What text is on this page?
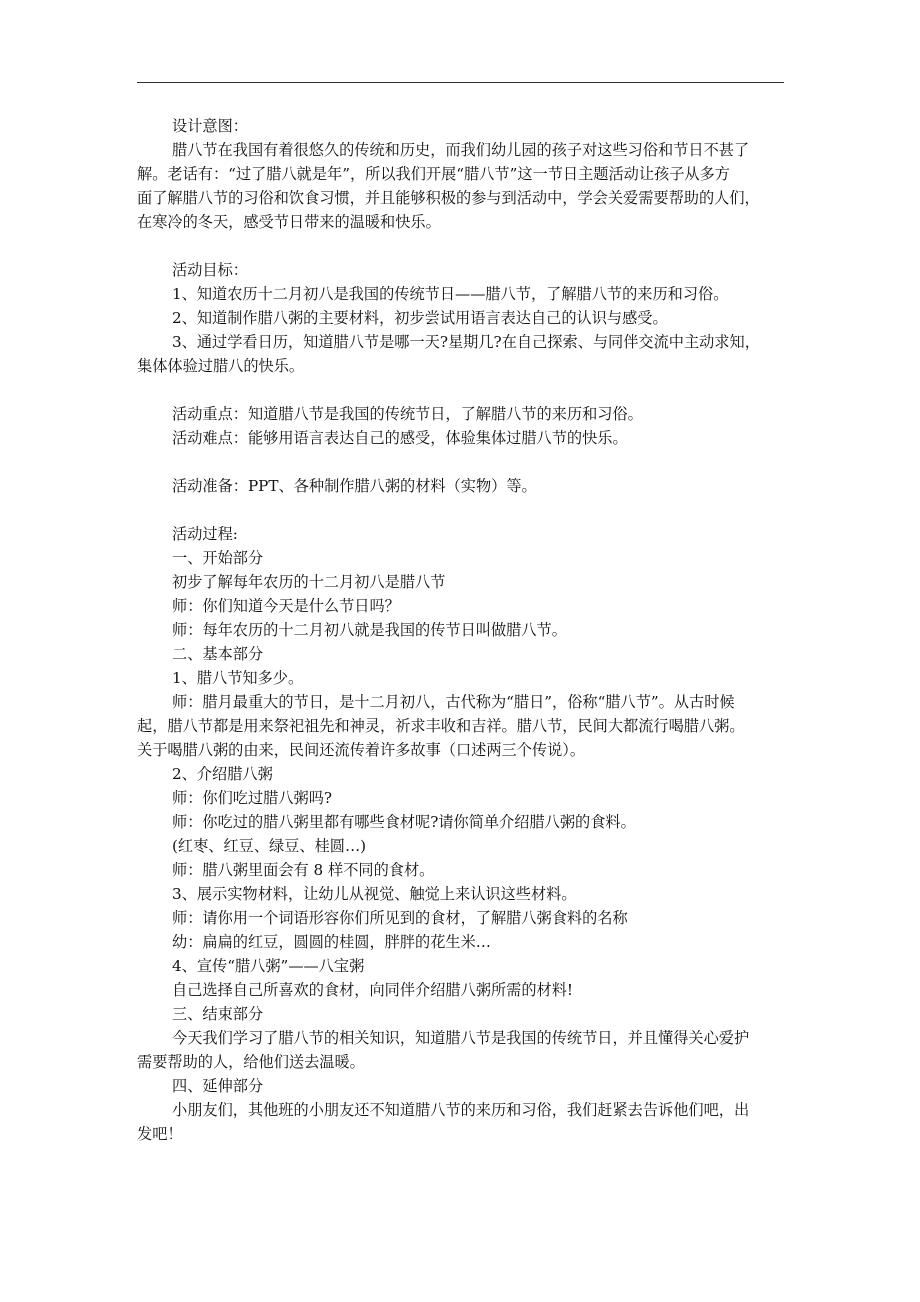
设计意图：

腊八节在我国有着很悠久的传统和历史，而我们幼儿园的孩子对这些习俗和节日不甚了

解。老话有：“过了腊八就是年”，所以我们开展“腊八节”这一节日主题活动让孩子从多方

面了解腊八节的习俗和饮食习惯，并且能够积极的参与到活动中，学会关爱需要帮助的人们，

在寒冷的冬天，感受节日带来的温暖和快乐。

活动目标：

1、知道农历十二月初八是我国的传统节日——腊八节，了解腊八节的来历和习俗。

2、知道制作腊八粥的主要材料，初步尝试用语言表达自己的认识与感受。

3、通过学看日历，知道腊八节是哪一天?星期几?在自己探索、与同伴交流中主动求知，

集体体验过腊八的快乐。

活动重点：知道腊八节是我国的传统节日，了解腊八节的来历和习俗。

活动难点：能够用语言表达自己的感受，体验集体过腊八节的快乐。

活动准备：PPT、各种制作腊八粥的材料（实物）等。

活动过程:

一、开始部分

初步了解每年农历的十二月初八是腊八节

师：你们知道今天是什么节日吗？

师：每年农历的十二月初八就是我国的传节日叫做腊八节。

二、基本部分

1、腊八节知多少。

师：腊月最重大的节日，是十二月初八，古代称为“腊日”，俗称“腊八节”。从古时候

起，腊八节都是用来祭祀祖先和神灵，祈求丰收和吉祥。腊八节，民间大都流行喝腊八粥。

关于喝腊八粥的由来，民间还流传着许多故事（口述两三个传说）。

2、介绍腊八粥

师：你们吃过腊八粥吗?

师：你吃过的腊八粥里都有哪些食材呢?请你简单介绍腊八粥的食料。

(红枣、红豆、绿豆、桂圆…)

师：腊八粥里面会有 8 样不同的食材。

3、展示实物材料，让幼儿从视觉、触觉上来认识这些材料。

师：请你用一个词语形容你们所见到的食材，了解腊八粥食料的名称

幼：扁扁的红豆，圆圆的桂圆，胖胖的花生米…

4、宣传“腊八粥”——八宝粥

自己选择自己所喜欢的食材，向同伴介绍腊八粥所需的材料!

三、结束部分

今天我们学习了腊八节的相关知识，知道腊八节是我国的传统节日，并且懂得关心爱护

需要帮助的人，给他们送去温暖。

四、延伸部分

小朋友们，其他班的小朋友还不知道腊八节的来历和习俗，我们赶紧去告诉他们吧，出

发吧！
